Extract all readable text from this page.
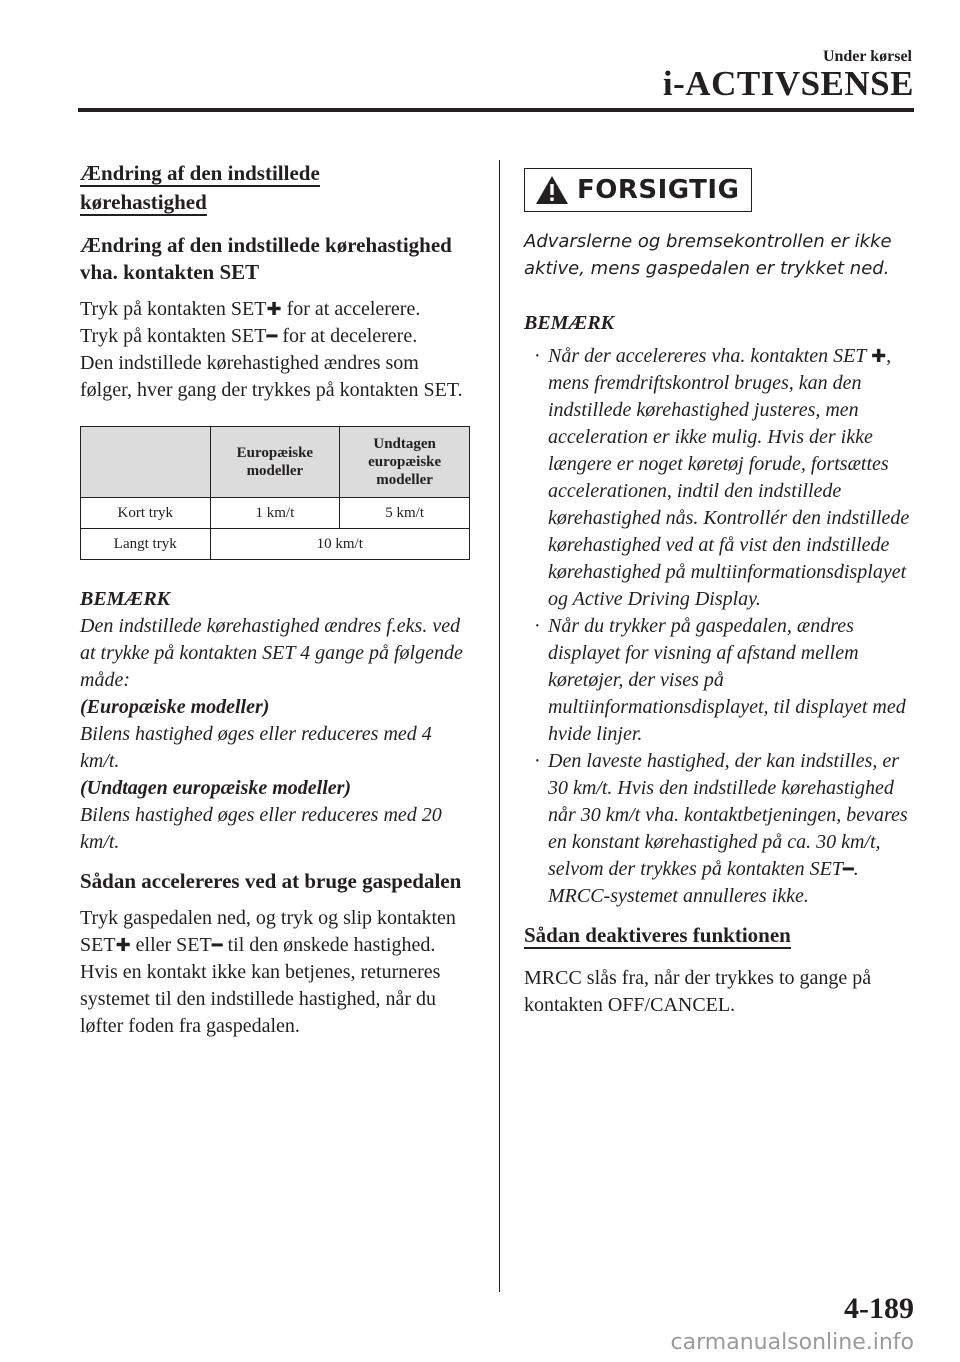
Under kørsel
i-ACTIVSENSE
Ændring af den indstillede kørehastighed
Ændring af den indstillede kørehastighed vha. kontakten SET

Tryk på kontakten SET✚ for at accelerere.
Tryk på kontakten SET━ for at decelerere.
Den indstillede kørehastighed ændres som følger, hver gang der trykkes på kontakten SET.

	Europæiske modeller	Undtagen europæiske modeller
Kort tryk	1 km/t	5 km/t
Langt tryk	10 km/t	
BEMÆRK
Den indstillede kørehastighed ændres f.eks. ved at trykke på kontakten SET 4 gange på følgende måde:
(Europæiske modeller)
Bilens hastighed øges eller reduceres med 4 km/t.
(Undtagen europæiske modeller)
Bilens hastighed øges eller reduceres med 20 km/t.
Sådan accelereres ved at bruge gaspedalen

Tryk gaspedalen ned, og tryk og slip kontakten SET✚ eller SET━ til den ønskede hastighed. Hvis en kontakt ikke kan betjenes, returneres systemet til den indstillede hastighed, når du løfter foden fra gaspedalen.

FORSIGTIG

Advarslerne og bremsekontrollen er ikke aktive, mens gaspedalen er trykket ned.

BEMÆRK
· Når der accelereres vha. kontakten SET ✚, mens fremdriftskontrol bruges, kan den indstillede kørehastighed justeres, men acceleration er ikke mulig. Hvis der ikke længere er noget køretøj forude, fortsættes accelerationen, indtil den indstillede kørehastighed nås. Kontrollér den indstillede kørehastighed ved at få vist den indstillede kørehastighed på multiinformationsdisplayet og Active Driving Display.
· Når du trykker på gaspedalen, ændres displayet for visning af afstand mellem køretøjer, der vises på multiinformationsdisplayet, til displayet med hvide linjer.
· Den laveste hastighed, der kan indstilles, er 30 km/t. Hvis den indstillede kørehastighed når 30 km/t vha. kontaktbetjeningen, bevares en konstant kørehastighed på ca. 30 km/t, selvom der trykkes på kontakten SET━. MRCC-systemet annulleres ikke.
Sådan deaktiveres funktionen

MRCC slås fra, når der trykkes to gange på kontakten OFF/CANCEL.

4-189
carmanualsonline.info
